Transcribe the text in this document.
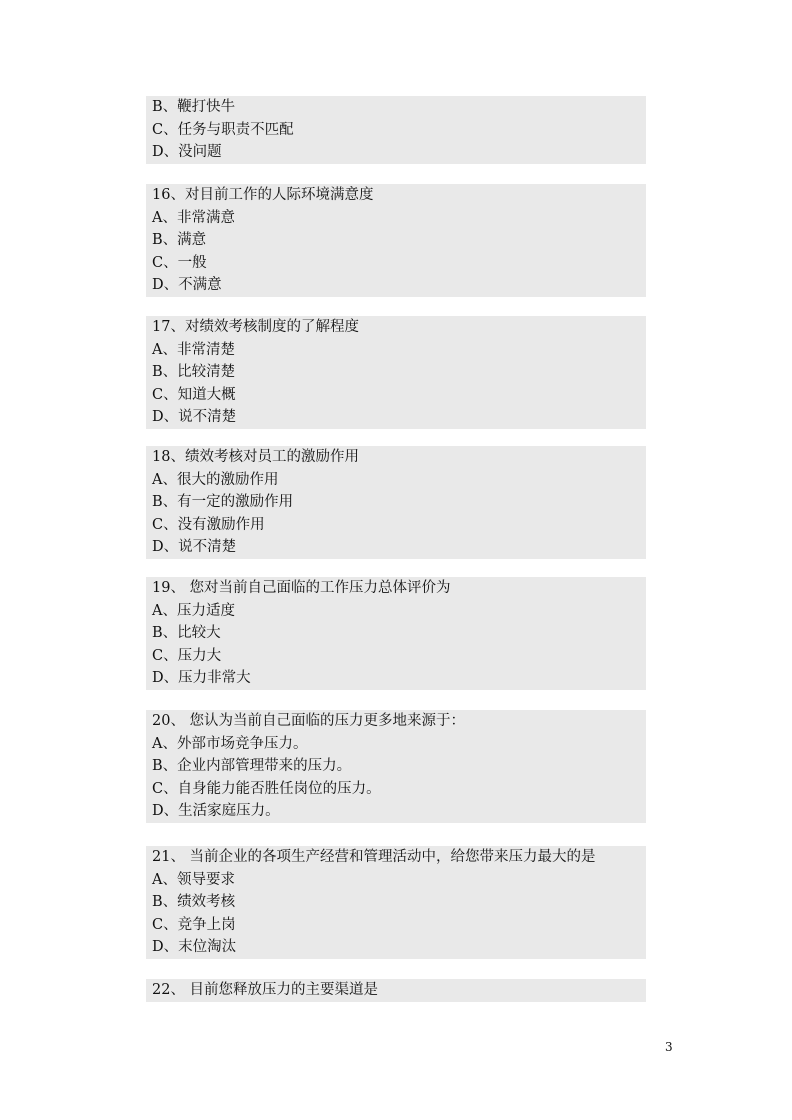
B、鞭打快牛
C、任务与职责不匹配
D、没问题
16、对目前工作的人际环境满意度
A、非常满意
B、满意
C、一般
D、不满意
17、对绩效考核制度的了解程度
A、非常清楚
B、比较清楚
C、知道大概
D、说不清楚
18、绩效考核对员工的激励作用
A、很大的激励作用
B、有一定的激励作用
C、没有激励作用
D、说不清楚
19、 您对当前自己面临的工作压力总体评价为
A、压力适度
B、比较大
C、压力大
D、压力非常大
20、 您认为当前自己面临的压力更多地来源于：
A、外部市场竞争压力。
B、企业内部管理带来的压力。
C、自身能力能否胜任岗位的压力。
D、生活家庭压力。
21、 当前企业的各项生产经营和管理活动中，给您带来压力最大的是
A、领导要求
B、绩效考核
C、竞争上岗
D、末位淘汰
22、 目前您释放压力的主要渠道是
3
